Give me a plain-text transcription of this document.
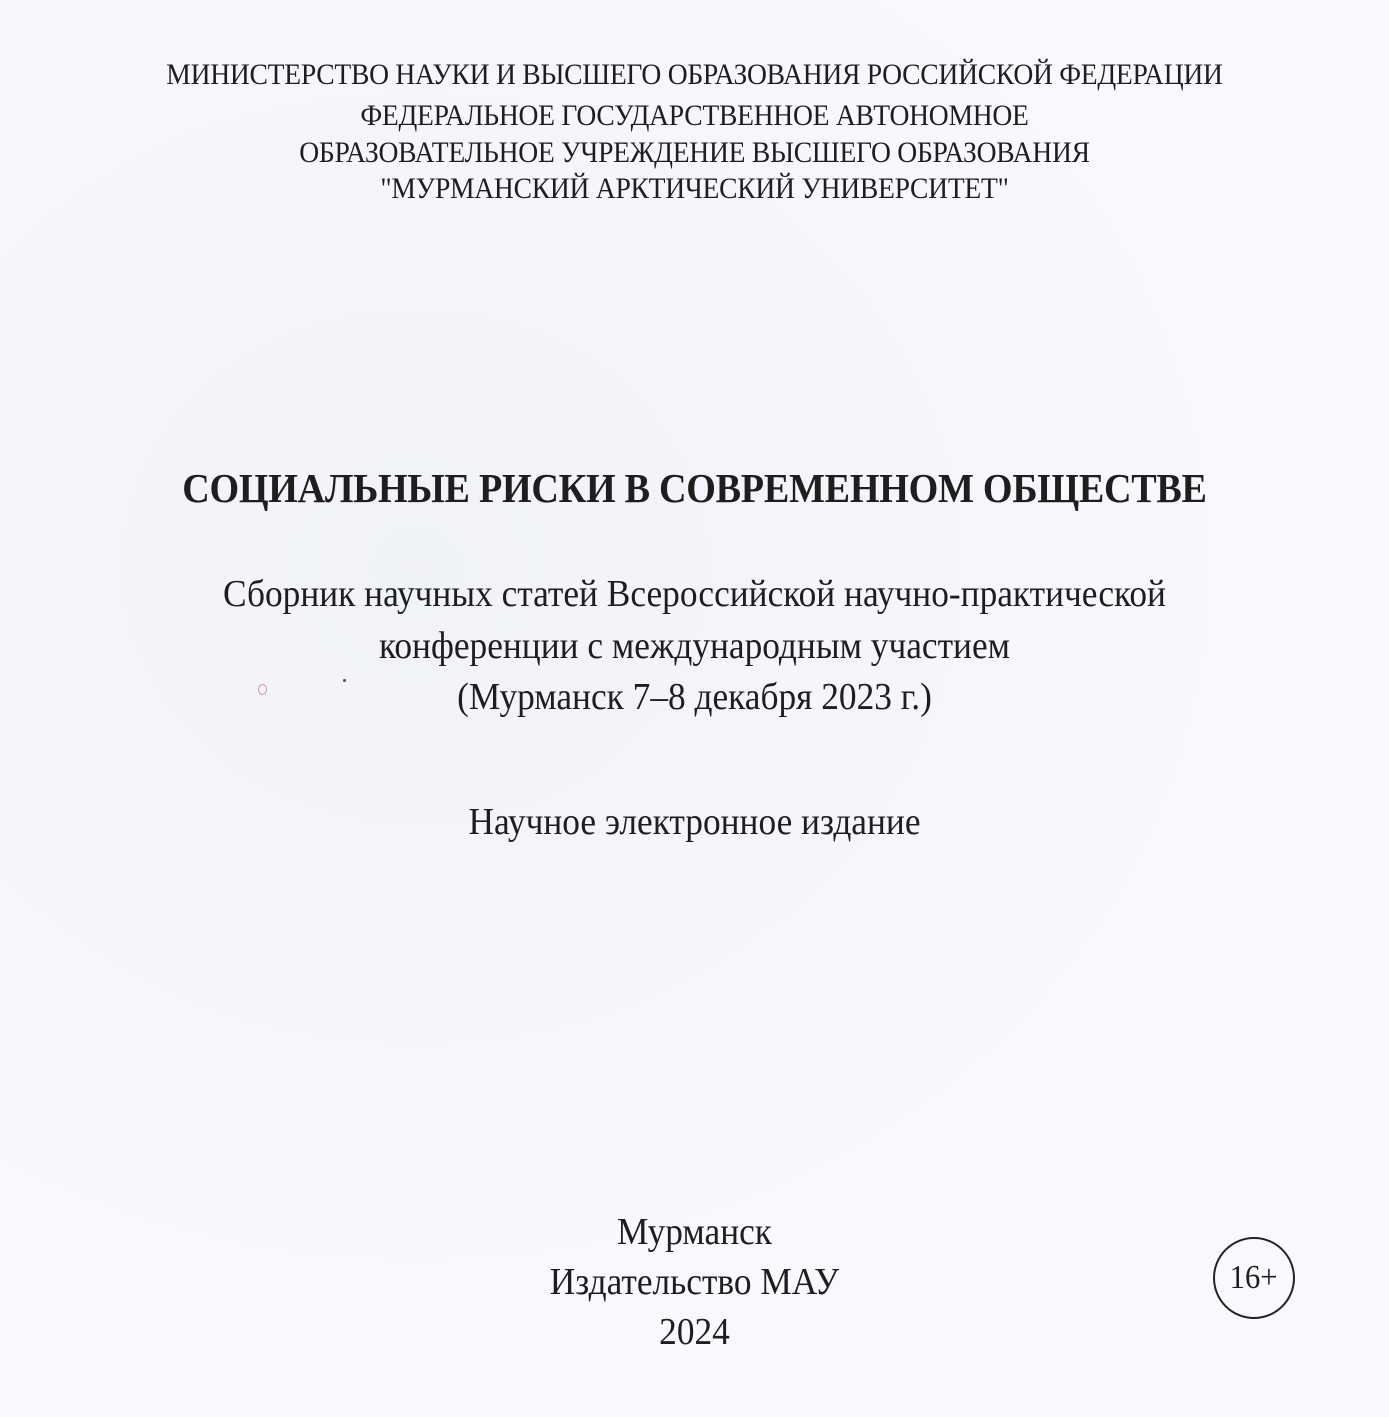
МИНИСТЕРСТВО НАУКИ И ВЫСШЕГО ОБРАЗОВАНИЯ РОССИЙСКОЙ ФЕДЕРАЦИИ
ФЕДЕРАЛЬНОЕ ГОСУДАРСТВЕННОЕ АВТОНОМНОЕ
ОБРАЗОВАТЕЛЬНОЕ УЧРЕЖДЕНИЕ ВЫСШЕГО ОБРАЗОВАНИЯ
"МУРМАНСКИЙ АРКТИЧЕСКИЙ УНИВЕРСИТЕТ"
СОЦИАЛЬНЫЕ РИСКИ В СОВРЕМЕННОМ ОБЩЕСТВЕ
Сборник научных статей Всероссийской научно-практической
конференции с международным участием
(Мурманск 7–8 декабря 2023 г.)
Научное электронное издание
Мурманск
Издательство МАУ
2024
16+
